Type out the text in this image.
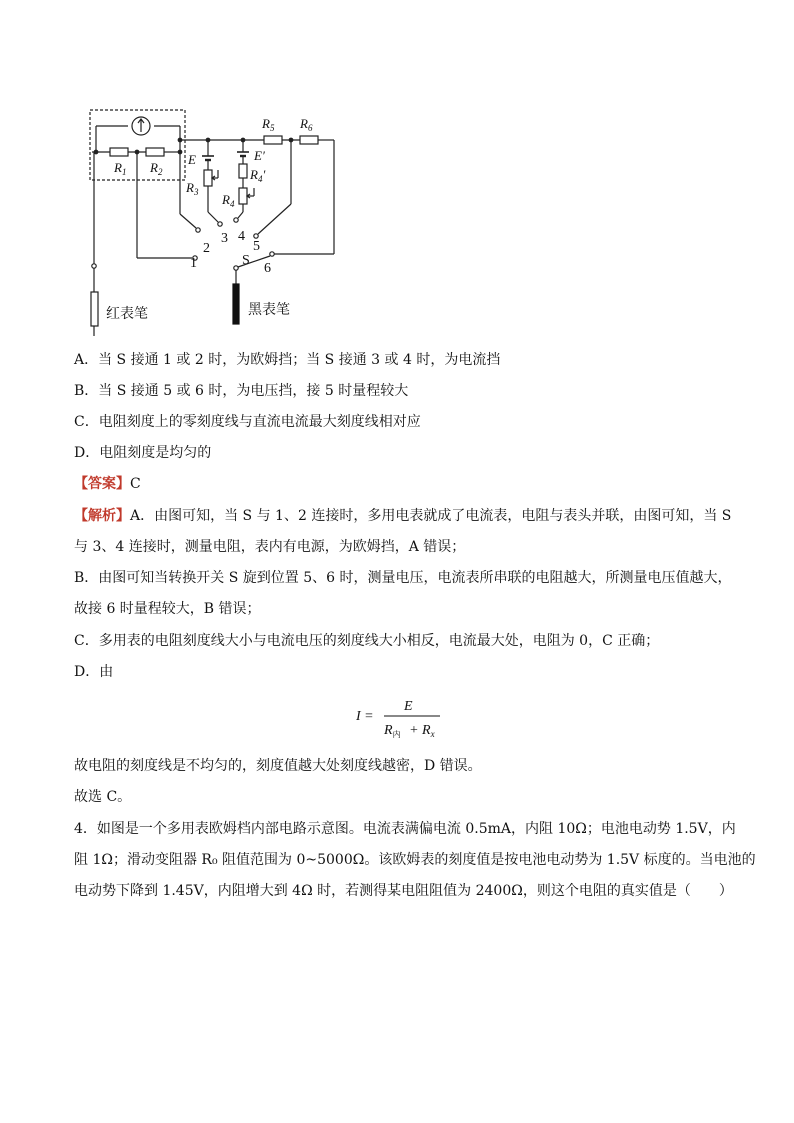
$R_1$ $R_2$
E
$R_3$
E′
$R_4'$
$R_4$
$R_5$ $R_6$
1
2
3 4
5
6
S
红表笔	黑表笔
A．当 S 接通 1 或 2 时，为欧姆挡；当 S 接通 3 或 4 时，为电流挡
B．当 S 接通 5 或 6 时，为电压挡，接 5 时量程较大
C．电阻刻度上的零刻度线与直流电流最大刻度线相对应
D．电阻刻度是均匀的
【答案】C
【解析】A．由图可知，当 S 与 1、2 连接时，多用电表就成了电流表，电阻与表头并联，由图可知，当 S
与 3、4 连接时，测量电阻，表内有电源，为欧姆挡，A 错误；
B．由图可知当转换开关 S 旋到位置 5、6 时，测量电压，电流表所串联的电阻越大，所测量电压值越大，
故接 6 时量程较大，B 错误；
C．多用表的电阻刻度线大小与电流电压的刻度线大小相反，电流最大处，电阻为 0，C 正确；
D．由
I =
E
$R_内 + R_x$
故电阻的刻度线是不均匀的，刻度值越大处刻度线越密，D 错误。
故选 C。
4．如图是一个多用表欧姆档内部电路示意图。电流表满偏电流 0.5mA，内阻 10Ω；电池电动势 1.5V，内
阻 1Ω；滑动变阻器 R₀ 阻值范围为 0~5000Ω。该欧姆表的刻度值是按电池电动势为 1.5V 标度的。当电池的
电动势下降到 1.45V，内阻增大到 4Ω 时，若测得某电阻阻值为 2400Ω，则这个电阻的真实值是（　　）
